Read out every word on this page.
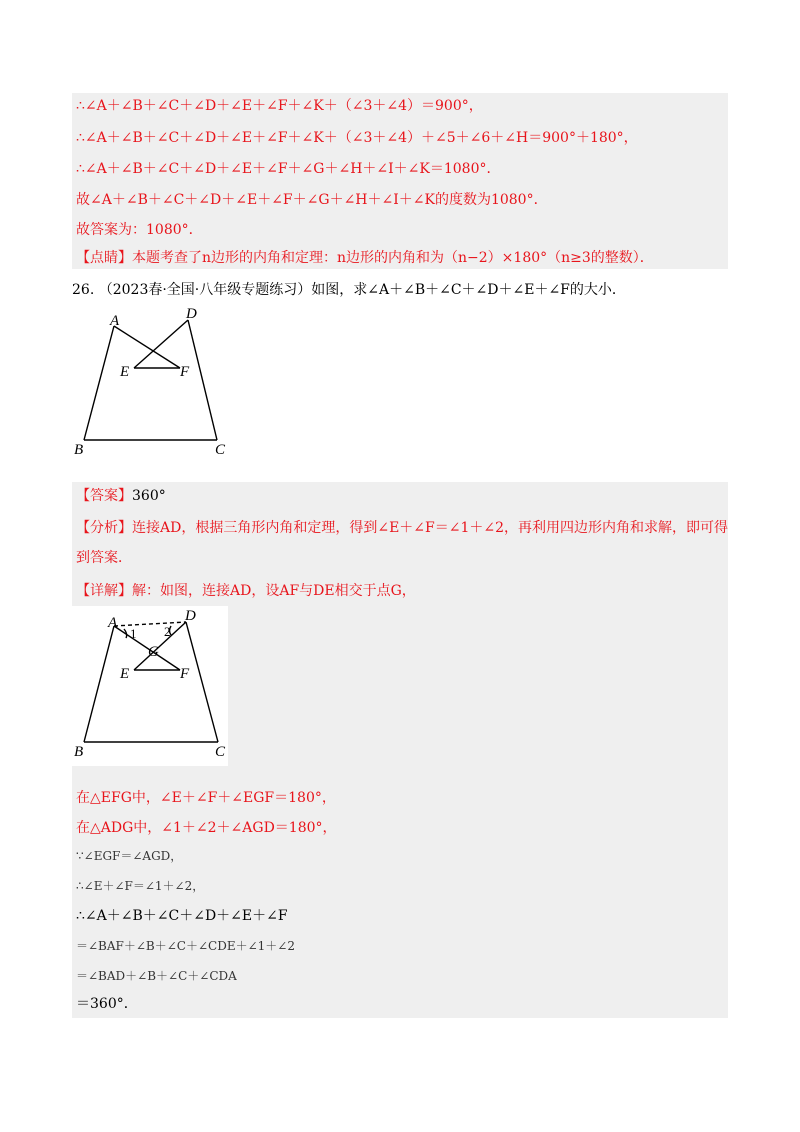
∴∠A＋∠B＋∠C＋∠D＋∠E＋∠F＋∠K＋（∠3＋∠4）＝900°，
∴∠A＋∠B＋∠C＋∠D＋∠E＋∠F＋∠K＋（∠3＋∠4）＋∠5＋∠6＋∠H＝900°＋180°，
∴∠A＋∠B＋∠C＋∠D＋∠E＋∠F＋∠G＋∠H＋∠I＋∠K＝1080°．
故∠A＋∠B＋∠C＋∠D＋∠E＋∠F＋∠G＋∠H＋∠I＋∠K的度数为1080°．
故答案为：1080°．
【点睛】本题考查了n边形的内角和定理：n边形的内角和为（n−2）×180°（n≥3的整数）．
26. （2023春·全国·八年级专题练习）如图，求∠A＋∠B＋∠C＋∠D＋∠E＋∠F的大小．
A	D
E	F
B	C
【答案】360°
【分析】连接AD，根据三角形内角和定理，得到∠E＋∠F＝∠1＋∠2，再利用四边形内角和求解，即可得
到答案．
【详解】解：如图，连接AD，设AF与DE相交于点G，
A	D
1 2
G
E	F
B	C
在△EFG中，∠E＋∠F＋∠EGF＝180°，
在△ADG中，∠1＋∠2＋∠AGD＝180°，
∵∠EGF＝∠AGD，
∴∠E＋∠F＝∠1＋∠2，
∴∠A＋∠B＋∠C＋∠D＋∠E＋∠F
＝∠BAF＋∠B＋∠C＋∠CDE＋∠1＋∠2
＝∠BAD＋∠B＋∠C＋∠CDA
＝360°．
